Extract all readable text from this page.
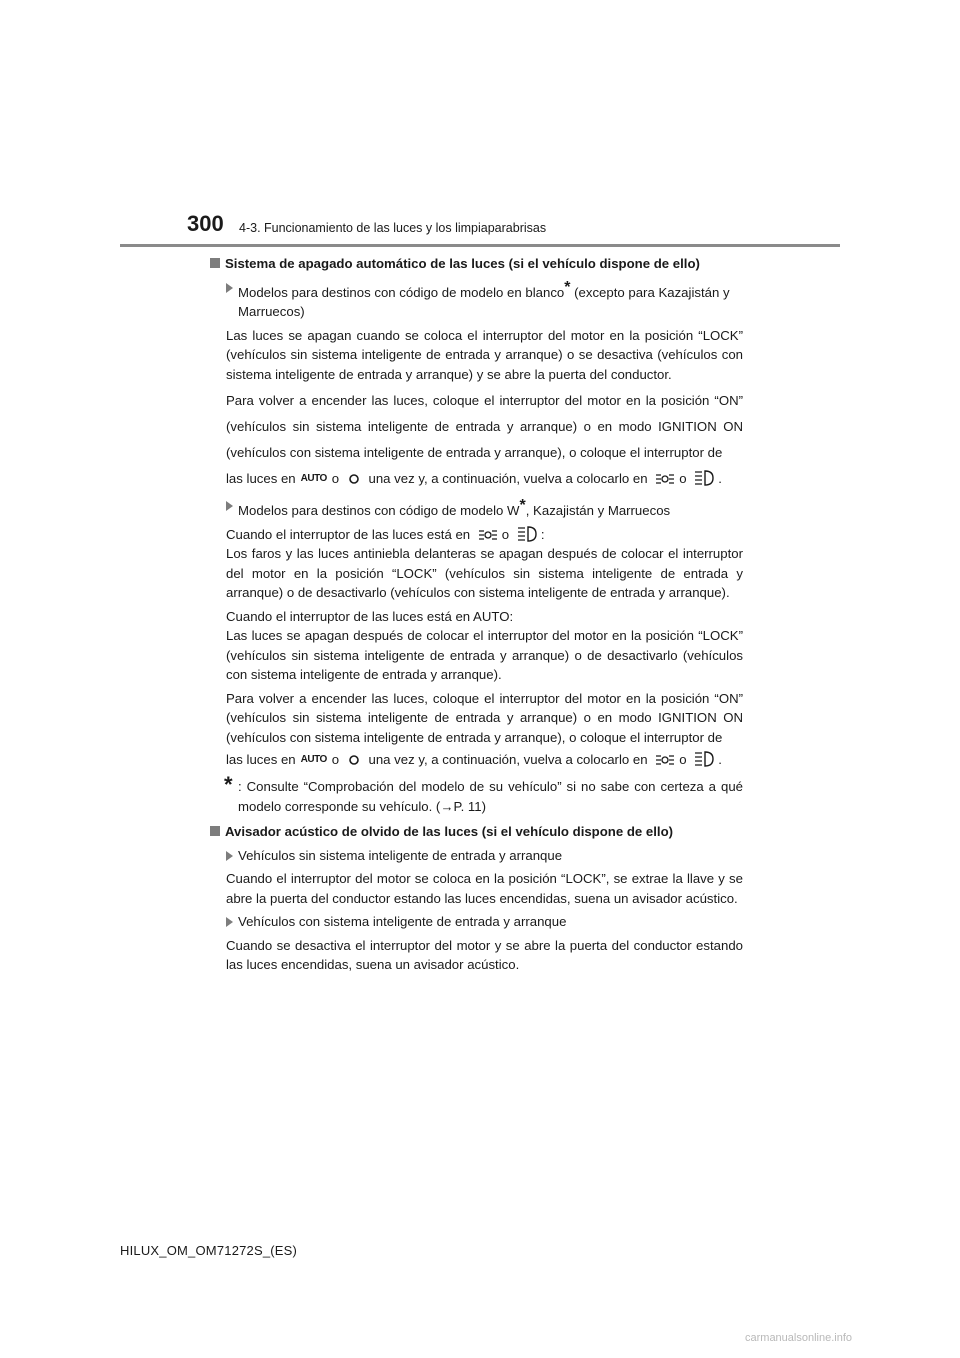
300 4-3. Funcionamiento de las luces y los limpiaparabrisas

Sistema de apagado automático de las luces (si el vehículo dispone de ello)

Modelos para destinos con código de modelo en blanco* (excepto para Kazajistán y Marruecos)

Las luces se apagan cuando se coloca el interruptor del motor en la posición “LOCK” (vehículos sin sistema inteligente de entrada y arranque) o se desactiva (vehículos con sistema inteligente de entrada y arranque) y se abre la puerta del conductor.

Para volver a encender las luces, coloque el interruptor del motor en la posición “ON” (vehículos sin sistema inteligente de entrada y arranque) o en modo IGNITION ON (vehículos con sistema inteligente de entrada y arranque), o coloque el interruptor de

las luces en AUTO o una vez y, a continuación, vuelva a colocarlo en o .

Modelos para destinos con código de modelo W*, Kazajistán y Marruecos

Cuando el interruptor de las luces está en o :
Los faros y las luces antiniebla delanteras se apagan después de colocar el interruptor del motor en la posición “LOCK” (vehículos sin sistema inteligente de entrada y arranque) o de desactivarlo (vehículos con sistema inteligente de entrada y arranque).

Cuando el interruptor de las luces está en AUTO:
Las luces se apagan después de colocar el interruptor del motor en la posición “LOCK” (vehículos sin sistema inteligente de entrada y arranque) o de desactivarlo (vehículos con sistema inteligente de entrada y arranque).

Para volver a encender las luces, coloque el interruptor del motor en la posición “ON” (vehículos sin sistema inteligente de entrada y arranque) o en modo IGNITION ON (vehículos con sistema inteligente de entrada y arranque), o coloque el interruptor de

las luces en AUTO o una vez y, a continuación, vuelva a colocarlo en o .

* : Consulte “Comprobación del modelo de su vehículo” si no sabe con certeza a qué modelo corresponde su vehículo. (→P. 11)

Avisador acústico de olvido de las luces (si el vehículo dispone de ello)

Vehículos sin sistema inteligente de entrada y arranque

Cuando el interruptor del motor se coloca en la posición “LOCK”, se extrae la llave y se abre la puerta del conductor estando las luces encendidas, suena un avisador acústico.

Vehículos con sistema inteligente de entrada y arranque

Cuando se desactiva el interruptor del motor y se abre la puerta del conductor estando las luces encendidas, suena un avisador acústico.

HILUX_OM_OM71272S_(ES)
carmanualsonline.info
